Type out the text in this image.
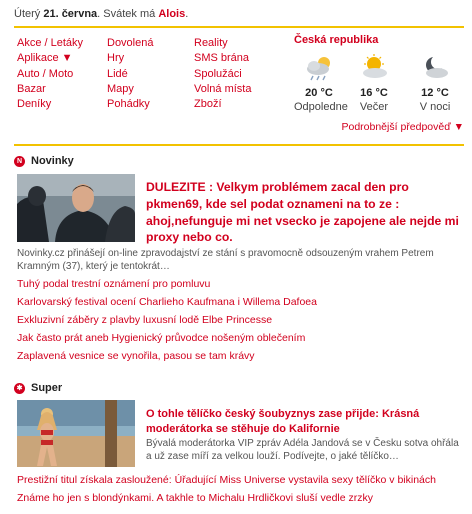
Úterý 21. června. Svátek má Alois.
Akce / Letáky
Aplikace ▼
Auto / Moto
Bazar
Deníky
Dovolená
Hry
Lidé
Mapy
Pohádky
Reality
SMS brána
Spolužáci
Volná místa
Zboží
Česká republika
20 °C
Odpoledne
16 °C
Večer
12 °C
V noci
Podrobnější předpověď ▼
N Novinky
DULEZITE : Velkym problémem zacal den pro pkmen69, kde sel podat oznameni na to ze : ahoj,nefunguje mi net vsecko je zapojene ale nejde mi proxy nebo co.
Novinky.cz přinášejí on-line zpravodajství ze stání s pravomocně odsouzeným vrahem Petrem Kramným (37), který je tentokrát…
Tuhý podal trestní oznámení pro pomluvu
Karlovarský festival ocení Charlieho Kaufmana i Willema Dafoea
Exkluzivní záběry z plavby luxusní lodě Elbe Princesse
Jak často prát aneb Hygienický průvodce nošeným oblečením
Zaplavená vesnice se vynořila, pasou se tam krávy
✱ Super
O tohle tělíčko český šoubyznys zase přijde: Krásná moderátorka se stěhuje do Kalifornie
Bývalá moderátorka VIP zpráv Adéla Jandová se v Česku sotva ohřála a už zase míří za velkou louží. Podívejte, o jaké tělíčko…
Prestižní titul získala zasloužené: Úřadující Miss Universe vystavila sexy tělíčko v bikinách
Známe ho jen s blondýnkami. A takhle to Michalu Hrdličkovi sluší vedle zrzky
